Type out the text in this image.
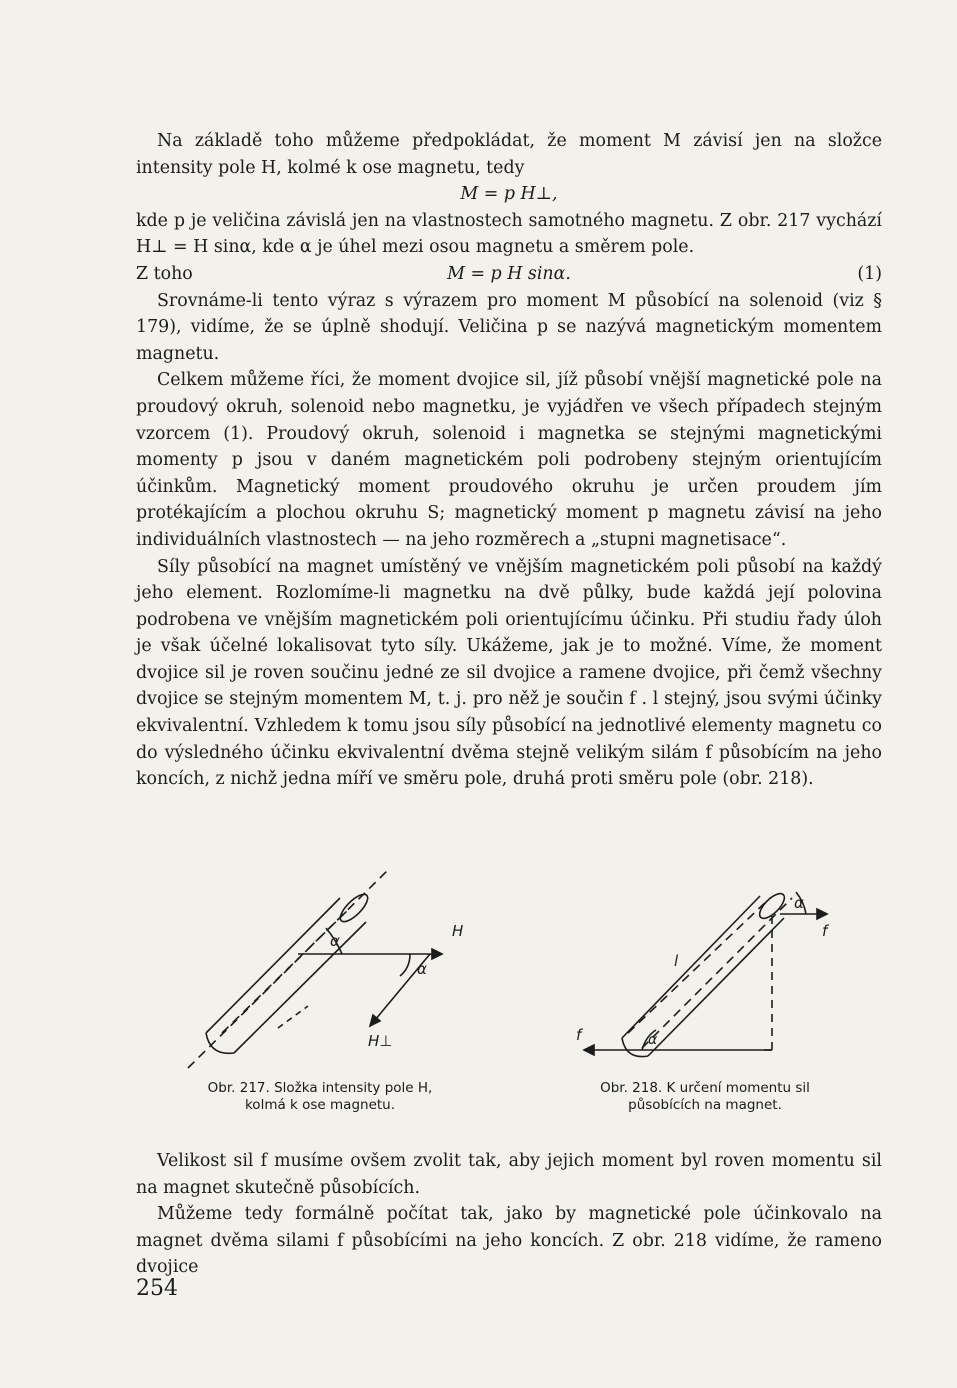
Na základě toho můžeme předpokládat, že moment M závisí jen na složce intensity pole H, kolmé k ose magnetu, tedy

M = p H⊥,

kde p je veličina závislá jen na vlastnostech samotného magnetu. Z obr. 217 vychází H⊥ = H sinα, kde α je úhel mezi osou magnetu a směrem pole.

Z toho	M = p H sinα.	(1)

Srovnáme-li tento výraz s výrazem pro moment M působící na solenoid (viz § 179), vidíme, že se úplně shodují. Veličina p se nazývá magnetickým momentem magnetu.

Celkem můžeme říci, že moment dvojice sil, jíž působí vnější magnetické pole na proudový okruh, solenoid nebo magnetku, je vyjádřen ve všech případech stejným vzorcem (1). Proudový okruh, solenoid i magnetka se stejnými magnetickými momenty p jsou v daném magnetickém poli podrobeny stejným orientujícím účinkům. Magnetický moment proudového okruhu je určen proudem jím protékajícím a plochou okruhu S; magnetický moment p magnetu závisí na jeho individuálních vlastnostech — na jeho rozměrech a „stupni magnetisace“.

Síly působící na magnet umístěný ve vnějším magnetickém poli působí na každý jeho element. Rozlomíme-li magnetku na dvě půlky, bude každá její polovina podrobena ve vnějším magnetickém poli orientujícímu účinku. Při studiu řady úloh je však účelné lokalisovat tyto síly. Ukážeme, jak je to možné. Víme, že moment dvojice sil je roven součinu jedné ze sil dvojice a ramene dvojice, při čemž všechny dvojice se stejným momentem M, t. j. pro něž je součin f . l stejný, jsou svými účinky ekvivalentní. Vzhledem k tomu jsou síly působící na jednotlivé elementy magnetu co do výsledného účinku ekvivalentní dvěma stejně velikým silám f působícím na jeho koncích, z nichž jedna míří ve směru pole, druhá proti směru pole (obr. 218).

α
α
H
H⊥
Obr. 217. Složka intensity pole H,
kolmá k ose magnetu.
α
α
f
f
l
Obr. 218. K určení momentu sil
působících na magnet.

Velikost sil f musíme ovšem zvolit tak, aby jejich moment byl roven momentu sil na magnet skutečně působících.

Můžeme tedy formálně počítat tak, jako by magnetické pole účinkovalo na magnet dvěma silami f působícími na jeho koncích. Z obr. 218 vidíme, že rameno dvojice

254
